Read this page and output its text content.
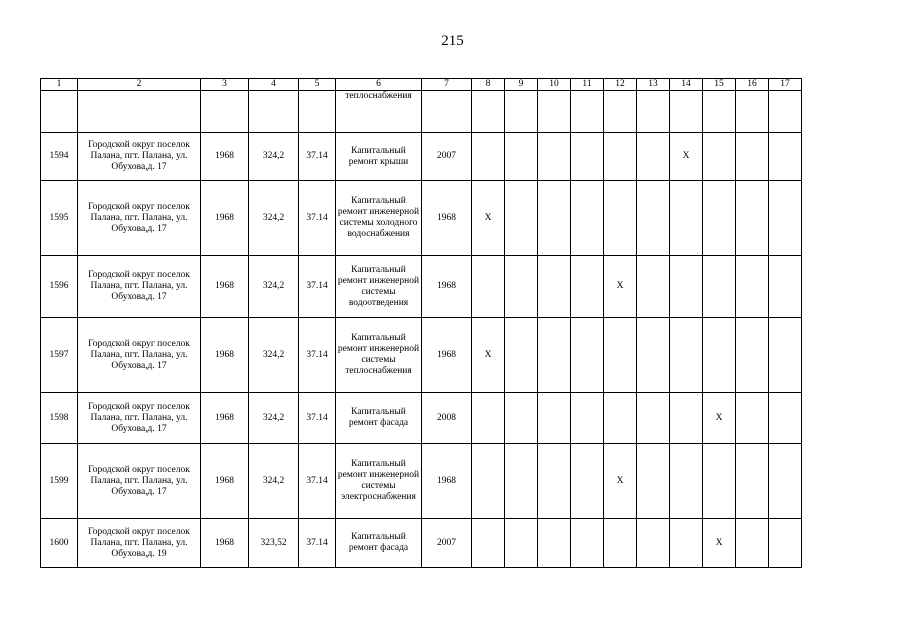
215
1	2	3	4	5	6	7	8	9	10	11	12	13	14	15	16	17
					теплоснабжения											
1594	Городской округ поселок Палана, пгт. Палана, ул. Обухова,д. 17	1968	324,2	37.14	Капитальный ремонт крыши	2007							X			
1595	Городской округ поселок Палана, пгт. Палана, ул. Обухова,д. 17	1968	324,2	37.14	Капитальный ремонт инженерной системы холодного водоснабжения	1968	X									
1596	Городской округ поселок Палана, пгт. Палана, ул. Обухова,д. 17	1968	324,2	37.14	Капитальный ремонт инженерной системы водоотведения	1968					X					
1597	Городской округ поселок Палана, пгт. Палана, ул. Обухова,д. 17	1968	324,2	37.14	Капитальный ремонт инженерной системы теплоснабжения	1968	X									
1598	Городской округ поселок Палана, пгт. Палана, ул. Обухова,д. 17	1968	324,2	37.14	Капитальный ремонт фасада	2008								X		
1599	Городской округ поселок Палана, пгт. Палана, ул. Обухова,д. 17	1968	324,2	37.14	Капитальный ремонт инженерной системы электроснабжения	1968					X					
1600	Городской округ поселок Палана, пгт. Палана, ул. Обухова,д. 19	1968	323,52	37.14	Капитальный ремонт фасада	2007								X		
